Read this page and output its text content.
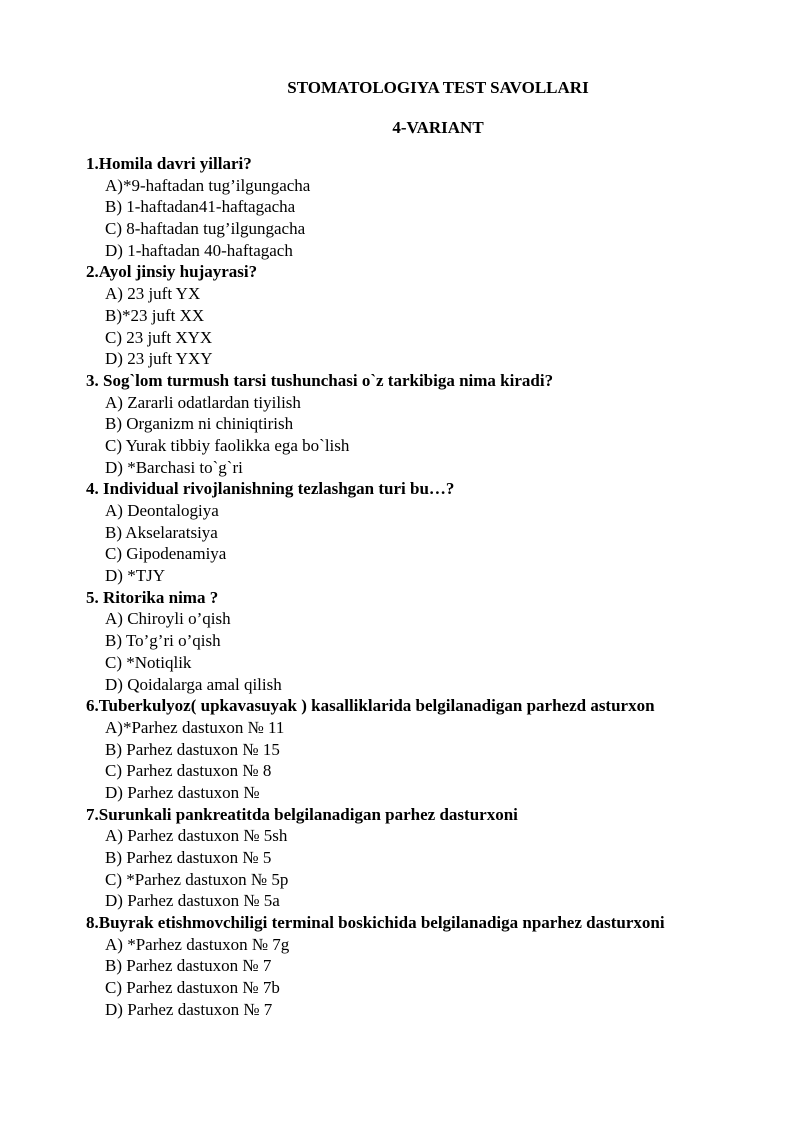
STOMATOLOGIYA TEST SAVOLLARI
4-VARIANT
1.Homila davri yillari?
A)*9-haftadan tug’ilgungacha
B) 1-haftadan41-haftagacha
C) 8-haftadan tug’ilgungacha
D) 1-haftadan 40-haftagach
2.Ayol jinsiy hujayrasi?
A) 23 juft YX
B)*23 juft XX
C) 23 juft XYX
D) 23 juft YXY
3. Sog`lom turmush tarsi tushunchasi o`z tarkibiga nima kiradi?
A) Zararli odatlardan tiyilish
B) Organizm ni chiniqtirish
C) Yurak tibbiy faolikka ega bo`lish
D) *Barchasi to`g`ri
4. Individual rivojlanishning tezlashgan turi bu…?
A) Deontalogiya
B) Akselaratsiya
C) Gipodenamiya
D) *TJY
5. Ritorika nima ?
A) Chiroyli o’qish
B) To’g’ri o’qish
C) *Notiqlik
D) Qoidalarga amal qilish
6.Tuberkulyoz( upkavasuyak ) kasalliklarida belgilanadigan parhezd asturxon
A)*Parhez dastuxon № 11
B) Parhez dastuxon № 15
C) Parhez dastuxon № 8
D) Parhez dastuxon №
7.Surunkali pankreatitda belgilanadigan parhez dasturxoni
A) Parhez dastuxon № 5sh
B) Parhez dastuxon № 5
C) *Parhez dastuxon № 5p
D) Parhez dastuxon № 5a
8.Buyrak etishmovchiligi terminal boskichida belgilanadiga nparhez dasturxoni
A) *Parhez dastuxon № 7g
B) Parhez dastuxon № 7
C) Parhez dastuxon № 7b
D) Parhez dastuxon № 7
